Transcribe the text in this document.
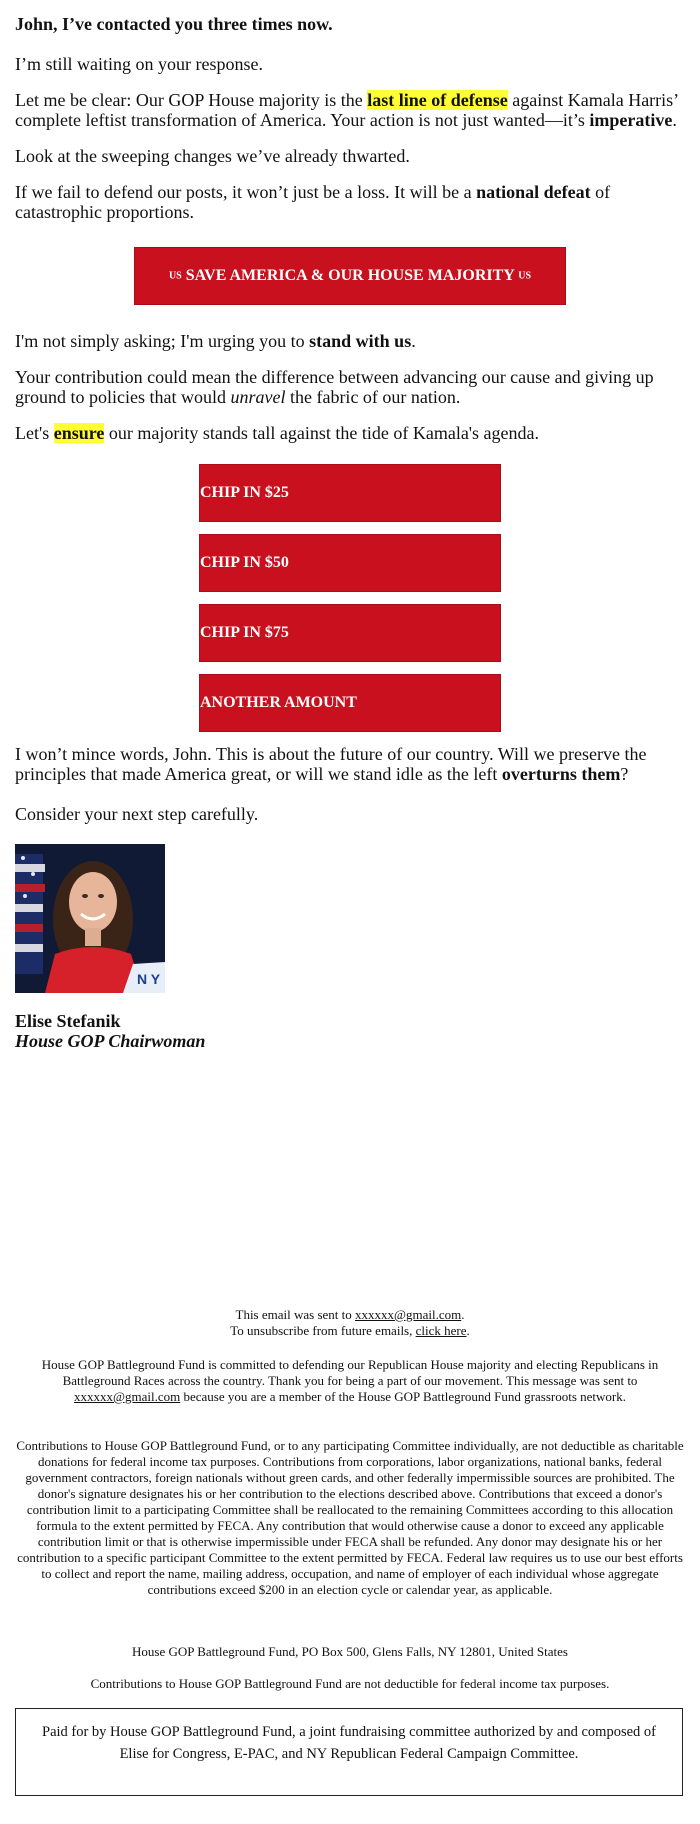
John, I’ve contacted you three times now.

I’m still waiting on your response.

Let me be clear: Our GOP House majority is the last line of defense against Kamala Harris’ complete leftist transformation of America. Your action is not just wanted—it’s imperative.

Look at the sweeping changes we’ve already thwarted.

If we fail to defend our posts, it won’t just be a loss. It will be a national defeat of catastrophic proportions.

US SAVE AMERICA & OUR HOUSE MAJORITY US

I'm not simply asking; I'm urging you to stand with us.

Your contribution could mean the difference between advancing our cause and giving up ground to policies that would unravel the fabric of our nation.

Let's ensure our majority stands tall against the tide of Kamala's agenda.

CHIP IN $25
CHIP IN $50
CHIP IN $75
ANOTHER AMOUNT

I won’t mince words, John. This is about the future of our country. Will we preserve the principles that made America great, or will we stand idle as the left overturns them?

Consider your next step carefully.

N Y
Elise Stefanik
House GOP Chairwoman
This email was sent to xxxxxx@gmail.com.
To unsubscribe from future emails, click here.
House GOP Battleground Fund is committed to defending our Republican House majority and electing Republicans in Battleground Races across the country. Thank you for being a part of our movement. This message was sent to xxxxxx@gmail.com because you are a member of the House GOP Battleground Fund grassroots network.
Contributions to House GOP Battleground Fund, or to any participating Committee individually, are not deductible as charitable donations for federal income tax purposes. Contributions from corporations, labor organizations, national banks, federal government contractors, foreign nationals without green cards, and other federally impermissible sources are prohibited. The donor's signature designates his or her contribution to the elections described above. Contributions that exceed a donor's contribution limit to a participating Committee shall be reallocated to the remaining Committees according to this allocation formula to the extent permitted by FECA. Any contribution that would otherwise cause a donor to exceed any applicable contribution limit or that is otherwise impermissible under FECA shall be refunded. Any donor may designate his or her contribution to a specific participant Committee to the extent permitted by FECA. Federal law requires us to use our best efforts to collect and report the name, mailing address, occupation, and name of employer of each individual whose aggregate contributions exceed $200 in an election cycle or calendar year, as applicable.
House GOP Battleground Fund, PO Box 500, Glens Falls, NY 12801, United States
Contributions to House GOP Battleground Fund are not deductible for federal income tax purposes.
Paid for by House GOP Battleground Fund, a joint fundraising committee authorized by and composed of Elise for Congress, E-PAC, and NY Republican Federal Campaign Committee.
